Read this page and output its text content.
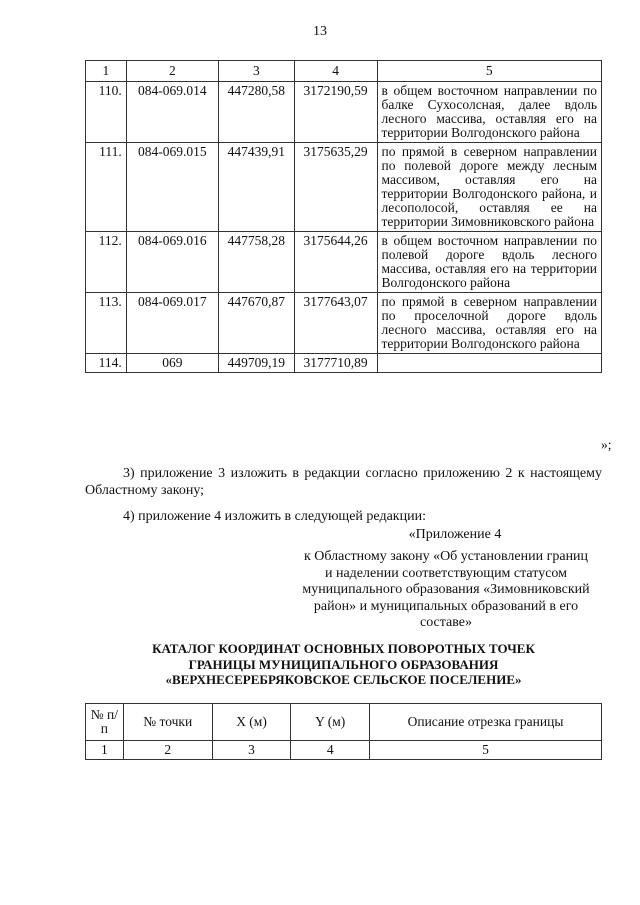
13
1	2	3	4	5
110.	084-069.014	447280,58	3172190,59	в общем восточном направлении по балке Сухосолсная, далее вдоль лесного массива, оставляя его на территории Волгодонского района
111.	084-069.015	447439,91	3175635,29	по прямой в северном направлении по полевой дороге между лесным массивом, оставляя его на территории Волгодонского района, и лесополосой, оставляя ее на территории Зимовниковского района
112.	084-069.016	447758,28	3175644,26	в общем восточном направлении по полевой дороге вдоль лесного массива, оставляя его на территории Волгодонского района
113.	084-069.017	447670,87	3177643,07	по прямой в северном направлении по проселочной дороге вдоль лесного массива, оставляя его на территории Волгодонского района
114.	069	449709,19	3177710,89	
»;
3) приложение 3 изложить в редакции согласно приложению 2 к настоящему Областному закону;
4) приложение 4 изложить в следующей редакции:
«Приложение 4
к Областному закону «Об установлении границ и наделении соответствующим статусом муниципального образования «Зимовниковский район» и муниципальных образований в его составе»
КАТАЛОГ КООРДИНАТ ОСНОВНЫХ ПОВОРОТНЫХ ТОЧЕК
ГРАНИЦЫ МУНИЦИПАЛЬНОГО ОБРАЗОВАНИЯ
«ВЕРХНЕСЕРЕБРЯКОВСКОЕ СЕЛЬСКОЕ ПОСЕЛЕНИЕ»
№ п/п	№ точки	X (м)	Y (м)	Описание отрезка границы
1	2	3	4	5
